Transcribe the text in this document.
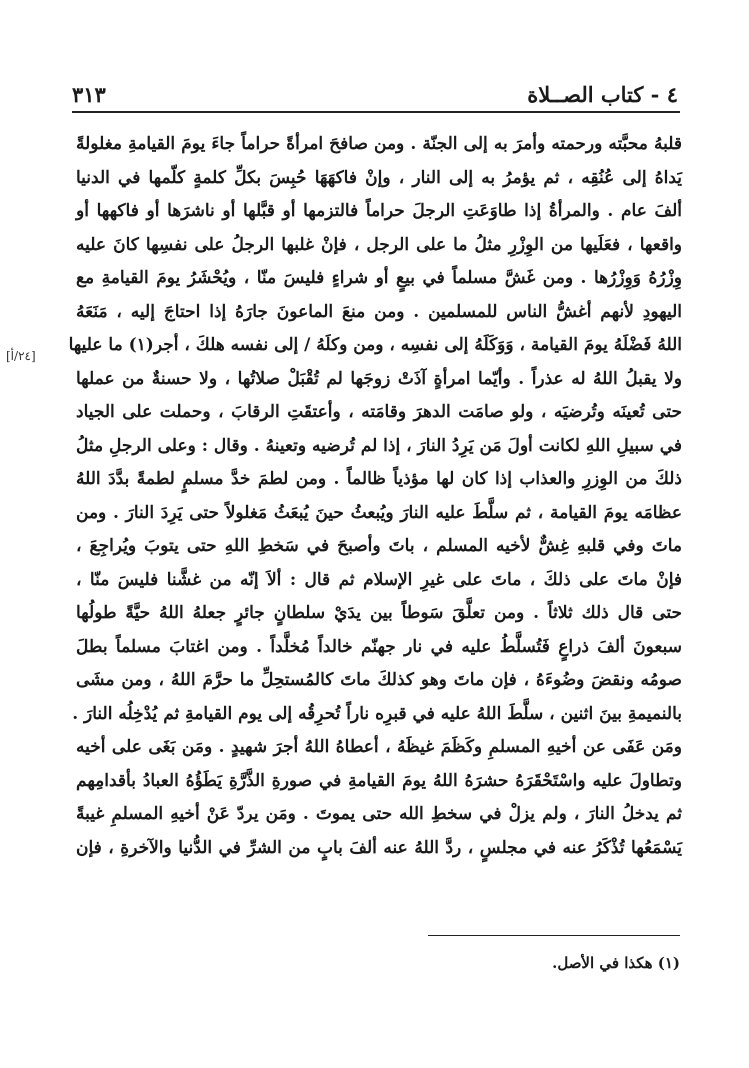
٤ - كتاب الصــلاة
٣١٣
[٢٤/أ]
قلبهُ محبَّته ورحمته وأمرَ به إلى الجنّة . ومن صافحَ امرأةً حراماً جاءَ يومَ القيامةِ مغلولةً
يَداهُ إلى عُنُقِه ، ثم يؤمرُ به إلى النار ، وإنْ فاكهَهَا حُبِسَ بكلِّ كلمةٍ كلّمها في الدنيا
ألفَ عام . والمرأةُ إذا طاوَعَتِ الرجلَ حراماً فالتزمها أو قبَّلها أو ناشرَها أو فاكهها أو
واقعها ، فعَلَيها من الوِزْرِ مثلُ ما على الرجل ، فإنْ غلبها الرجلُ على نفسِها كانَ عليه
وِزْرُهُ وَوِزْرُها . ومن غَشَّ مسلماً في بيعٍ أو شراءٍ فليسَ منّا ، ويُحْشَرُ يومَ القيامةِ مع
اليهودِ لأنهم أغشُّ الناس للمسلمين . ومن منعَ الماعونَ جارَهُ إذا احتاجَ إليه ، مَنَعَهُ
اللهُ فَضْلَهُ يومَ القيامة ، وَوَكَلَهُ إلى نفسِه ، ومن وكلَهُ / إلى نفسه هلكَ ، أجر(١) ما عليها
ولا يقبلُ اللهُ له عذراً . وأيّما امرأةٍ آذَتْ زوجَها لم تُقْبَلْ صلاتُها ، ولا حسنةٌ من عملها
حتى تُعينَه وتُرضيَه ، ولو صامَت الدهرَ وقامَته ، وأعتقَتِ الرقابَ ، وحملت على الجياد
في سبيلِ اللهِ لكانت أولَ مَن يَرِدُ النارَ ، إذا لم تُرضيه وتعينهُ . وقال : وعلى الرجلِ مثلُ
ذلكَ من الوِزرِ والعذاب إذا كان لها مؤذياً ظالماً . ومن لطمَ خدَّ مسلمٍ لطمةً بدَّدَ اللهُ
عظامَه يومَ القيامة ، ثم سلَّطَ عليه النارَ ويُبعثُ حينَ يُبعَثُ مَغلولاً حتى يَرِدَ النارَ . ومن
ماتَ وفي قلبهِ غِشٌّ لأخيه المسلم ، باتَ وأصبحَ في سَخطِ اللهِ حتى يتوبَ ويُراجِعَ ،
فإنْ ماتَ على ذلكَ ، ماتَ على غيرِ الإسلام ثم قال : ألاَ إنّه من غشَّنا فليسَ منّا ،
حتى قال ذلك ثلاثاً . ومن تعلَّقَ سَوطاً بين يدَيْ سلطانٍ جائرٍ جعلهُ اللهُ حيَّةً طولُها
سبعونَ ألفَ ذراعٍ فَتُسلَّطُ عليه في نار جهنّم خالداً مُخلَّداً . ومن اغتابَ مسلماً بطلَ
صومُه ونقضَ وضُوءَهُ ، فإن ماتَ وهو كذلكَ ماتَ كالمُستحِلِّ ما حرَّمَ اللهُ ، ومن مشَى
بالنميمةِ بينَ اثنين ، سلَّطَ اللهُ عليه في قبرِه ناراً تُحرِقُه إلى يوم القيامةِ ثم يُدْخِلُه النارَ .
ومَن عَفَى عن أخيهِ المسلمِ وكَظَمَ غيظَهُ ، أعطاهُ اللهُ أجرَ شهيدٍ . ومَن بَغَى على أخيه
وتطاولَ عليه واسْتَحْقَرَهُ حشرَهُ اللهُ يومَ القيامةِ في صورةِ الذَّرَّةِ يَطَؤُهُ العبادُ بأقدامِهم
ثم يدخلُ النارَ ، ولم يزلْ في سخطِ الله حتى يموتَ . ومَن يردّ عَنْ أخيهِ المسلمِ غيبةً
يَسْمَعُها تُذْكَرُ عنه في مجلسٍ ، ردَّ اللهُ عنه ألفَ بابٍ من الشرِّ في الدُّنيا والآخرةِ ، فإن
(١) هكذا في الأصل.
